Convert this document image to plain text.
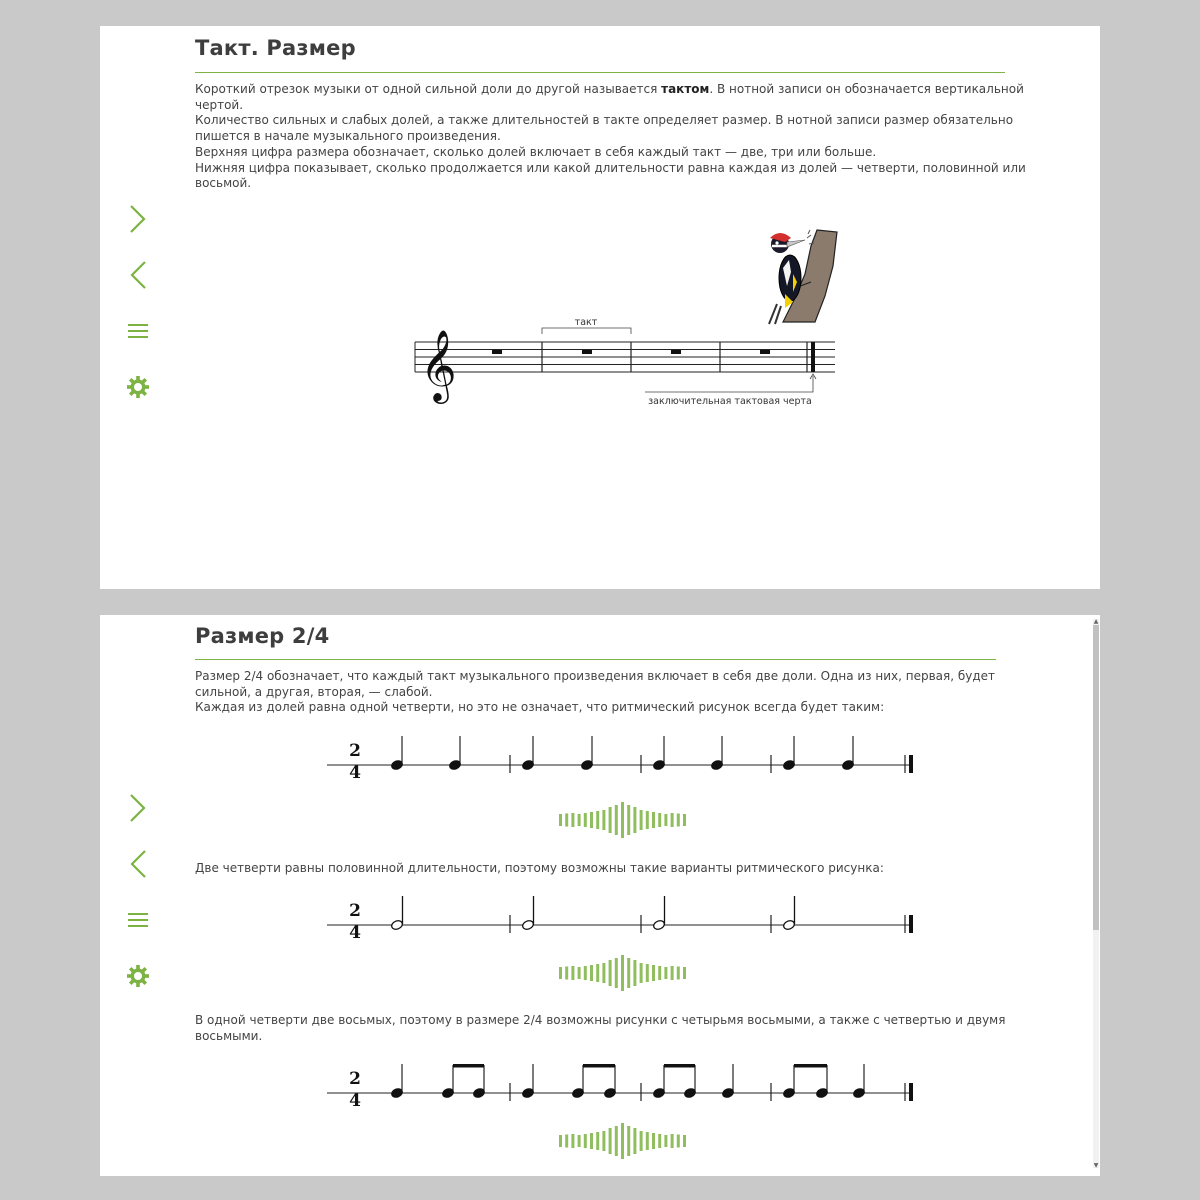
Такт. Размер

Короткий отрезок музыки от одной сильной доли до другой называется тактом. В нотной записи он обозначается вертикальной чертой.

Количество сильных и слабых долей, а также длительностей в такте определяет размер. В нотной записи размер обязательно пишется в начале музыкального произведения.

Верхняя цифра размера обозначает, сколько долей включает в себя каждый такт — две, три или больше.

Нижняя цифра показывает, сколько продолжается или какой длительности равна каждая из долей — четверти, половинной или восьмой.

𝄞
такт
заключительная тактовая черта
Размер 2/4

Размер 2/4 обозначает, что каждый такт музыкального произведения включает в себя две доли. Одна из них, первая, будет сильной, а другая, вторая, — слабой.

Каждая из долей равна одной четверти, но это не означает, что ритмический рисунок всегда будет таким:

Две четверти равны половинной длительности, поэтому возможны такие варианты ритмического рисунка:

В одной четверти две восьмых, поэтому в размере 2/4 возможны рисунки с четырьмя восьмыми, а также с четвертью и двумя восьмыми.

2
4
2
4
2
4
▲
▼
